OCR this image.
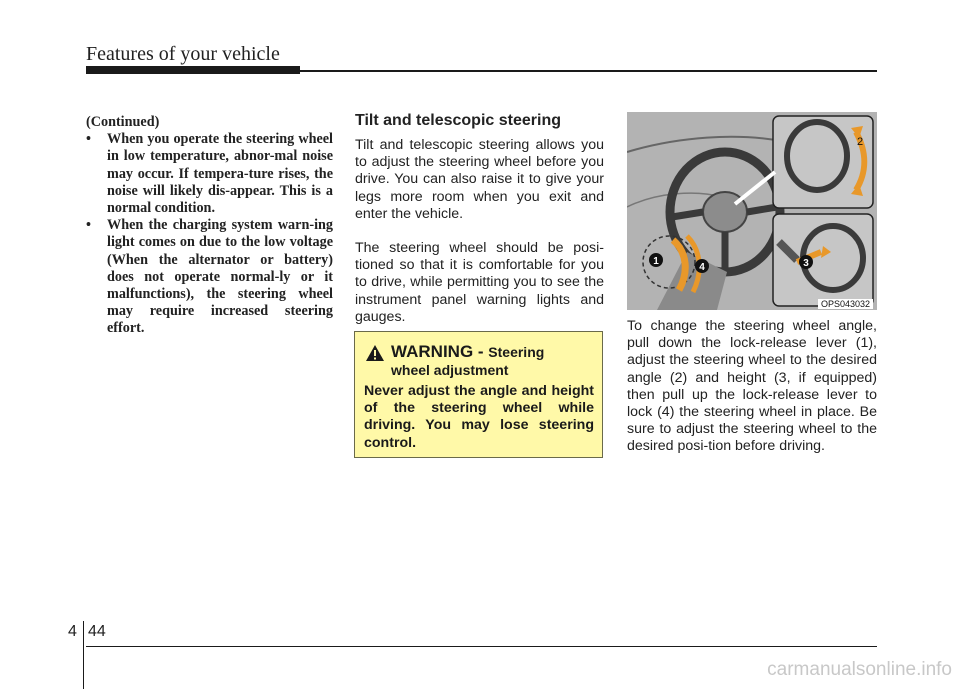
Features of your vehicle

(Continued)

•	When you operate the steering wheel in low temperature, abnor-mal noise may occur. If tempera-ture rises, the noise will likely dis-appear. This is a normal condition.
•	When the charging system warn-ing light comes on due to the low voltage (When the alternator or battery) does not operate normal-ly or it malfunctions), the steering wheel may require increased steering effort.
Tilt and telescopic steering

Tilt and telescopic steering allows you to adjust the steering wheel before you drive. You can also raise it to give your legs more room when you exit and enter the vehicle.

The steering wheel should be posi-tioned so that it is comfortable for you to drive, while permitting you to see the instrument panel warning lights and gauges.

WARNING - Steering
wheel adjustment
Never adjust the angle and height of the steering wheel while driving. You may lose steering control.
1
2
3
4
OPS043032

To change the steering wheel angle, pull down the lock-release lever (1), adjust the steering wheel to the desired angle (2) and height (3, if equipped) then pull up the lock-release lever to lock (4) the steering wheel in place. Be sure to adjust the steering wheel to the desired posi-tion before driving.

4 44
carmanualsonline.info
